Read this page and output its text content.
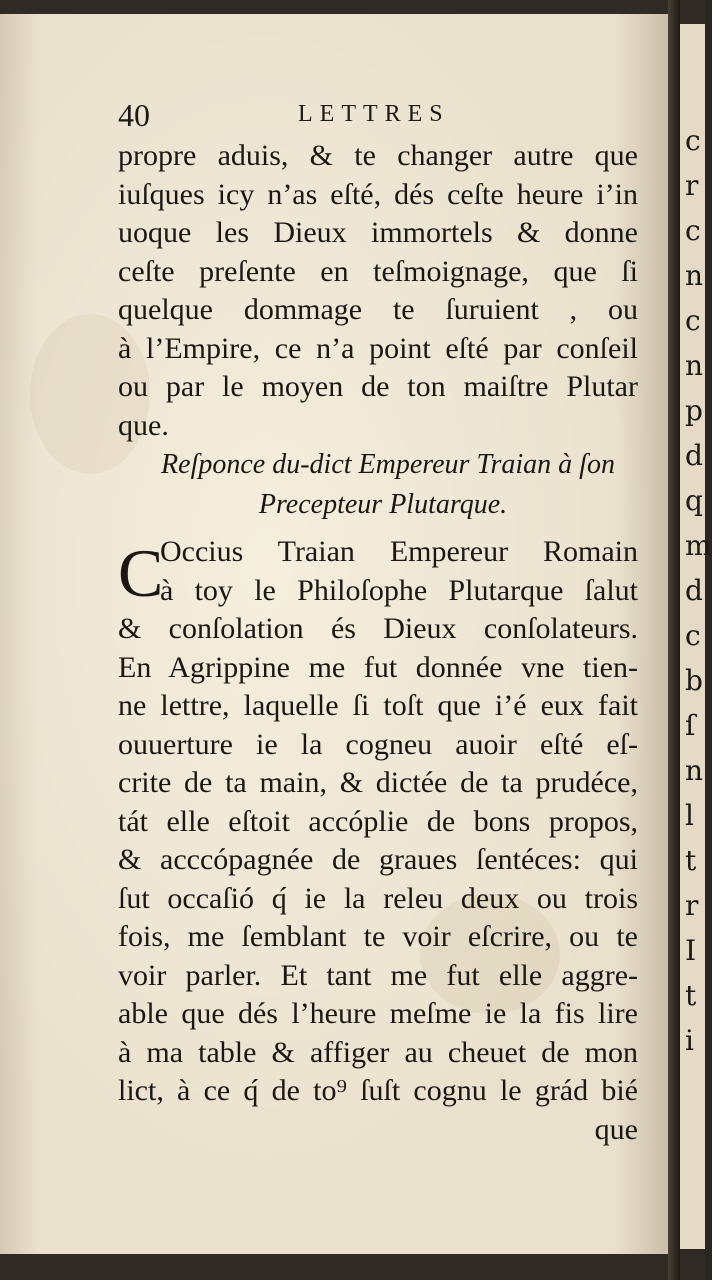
40	LETTRES
propre aduis, & te changer autre que
iuſques icy n’as eſté, dés ceſte heure i’in
uoque les Dieux immortels & donne
ceſte preſente en teſmoignage, que ſi
quelque dommage te ſuruient , ou
à l’Empire, ce n’a point eſté par conſeil
ou par le moyen de ton maiſtre Plutar
que.
Reſponce du-dict Empereur Traian à ſon
Precepteur Plutarque.
C
Occius Traian Empereur Romain
à toy le Philoſophe Plutarque ſalut
& conſolation és Dieux conſolateurs.
En Agrippine me fut donnée vne tien-
ne lettre, laquelle ſi toſt que i’é eux fait
ouuerture ie la cogneu auoir eſté eſ-
crite de ta main, & dictée de ta prudéce,
tát elle eſtoit accóplie de bons propos,
& acccópagnée de graues ſentéces: qui
ſut occaſió q́ ie la releu deux ou trois
fois, me ſemblant te voir eſcrire, ou te
voir parler. Et tant me fut elle aggre-
able que dés l’heure meſme ie la fis lire
à ma table & affiger au cheuet de mon
lict, à ce q́ de to⁹ ſuſt cognu le grád bié
que
c
r
c
n
c
n
p
d
q
m
d
c
b
ſ
n
l
t
r
I
t
i
